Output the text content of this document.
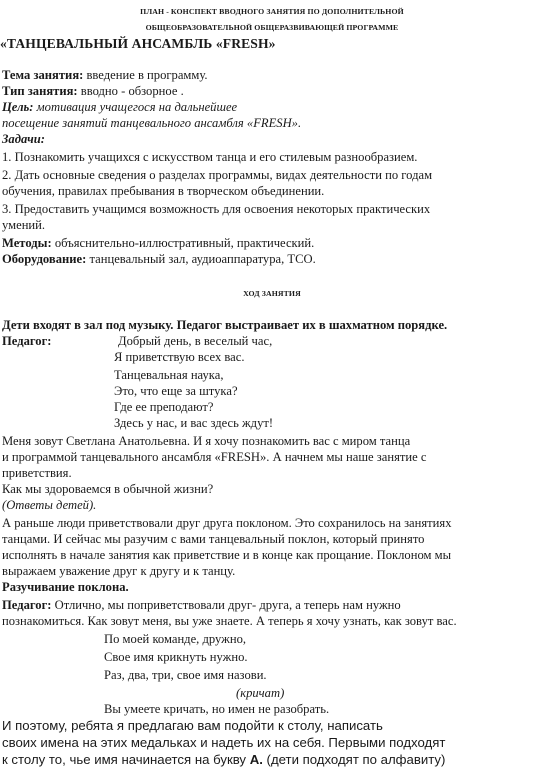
ПЛАН - КОНСПЕКТ ВВОДНОГО ЗАНЯТИЯ ПО ДОПОЛНИТЕЛЬНОЙ
ОБЩЕОБРАЗОВАТЕЛЬНОЙ ОБЩЕРАЗВИВАЮЩЕЙ ПРОГРАММЕ
«ТАНЦЕВАЛЬНЫЙ АНСАМБЛЬ «FRESH»
Тема занятия: введение в программу.
Тип занятия: вводно - обзорное .
Цель: мотивация учащегося на дальнейшее
посещение занятий танцевального ансамбля «FRESH».
Задачи:
1. Познакомить учащихся с искусством танца и его стилевым разнообразием.
2. Дать основные сведения о разделах программы, видах деятельности по годам
обучения, правилах пребывания в творческом объединении.
3. Предоставить учащимся возможность для освоения некоторых практических
умений.
Методы: объяснительно-иллюстративный, практический.
Оборудование: танцевальный зал, аудиоаппаратура, ТСО.
ХОД ЗАНЯТИЯ
Дети входят в зал под музыку. Педагог выстраивает их в шахматном порядке.
Педагог:	Добрый день, в веселый час,
Я приветствую всех вас.
Танцевальная наука,
Это, что еще за штука?
Где ее преподают?
Здесь у нас, и вас здесь ждут!
Меня зовут Светлана Анатольевна. И я хочу познакомить вас с миром танца
и программой танцевального ансамбля «FRESH». А начнем мы наше занятие с
приветствия.
Как мы здороваемся в обычной жизни?
(Ответы детей).
А раньше люди приветствовали друг друга поклоном. Это сохранилось на занятиях
танцами. И сейчас мы разучим с вами танцевальный поклон, который принято
исполнять в начале занятия как приветствие и в конце как прощание. Поклоном мы
выражаем уважение друг к другу и к танцу.
Разучивание поклона.
Педагог: Отлично, мы поприветствовали друг- друга, а теперь нам нужно
познакомиться. Как зовут меня, вы уже знаете. А теперь я хочу узнать, как зовут вас.
По моей команде, дружно,
Свое имя крикнуть нужно.
Раз, два, три, свое имя назови.
(кричат)
Вы умеете кричать, но имен не разобрать.
И поэтому, ребята я предлагаю вам подойти к столу, написать
своих имена на этих медальках и надеть их на себя. Первыми подходят
к столу то, чье имя начинается на букву А. (дети подходят по алфавиту)
